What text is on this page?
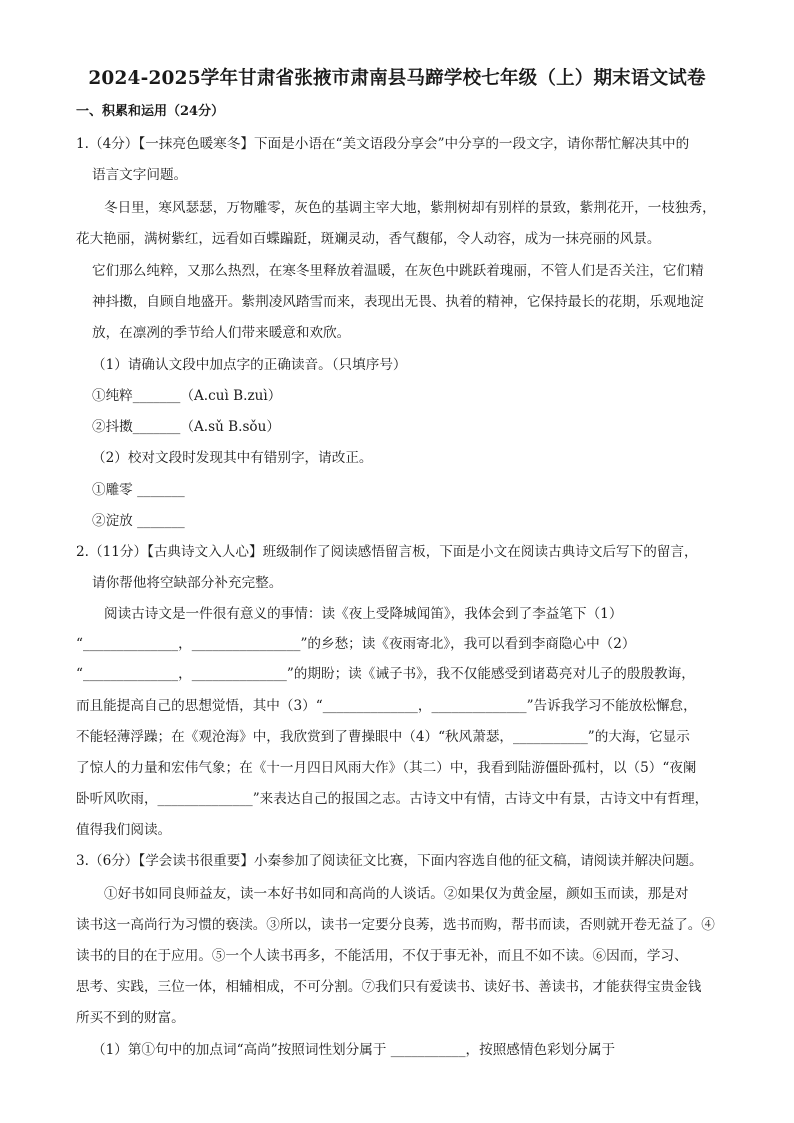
2024-2025学年甘肃省张掖市肃南县马蹄学校七年级（上）期末语文试卷
一、积累和运用（24分）
1.（4分）【一抹亮色暖寒冬】下面是小语在“美文语段分享会”中分享的一段文字，请你帮忙解决其中的
语言文字问题。
冬日里，寒风瑟瑟，万物雕零，灰色的基调主宰大地，紫荆树却有别样的景致，紫荆花开，一枝独秀，
花大艳丽，满树紫红，远看如百蝶蹁跹，斑斓灵动，香气馥郁，令人动容，成为一抹亮丽的风景。
它们那么纯粹，又那么热烈，在寒冬里释放着温暖，在灰色中跳跃着瑰丽，不管人们是否关注，它们精
神抖擞，自顾自地盛开。紫荆凌风踏雪而来，表现出无畏、执着的精神，它保持最长的花期，乐观地淀
放，在凛冽的季节给人们带来暖意和欢欣。
（1）请确认文段中加点字的正确读音。（只填序号）
①纯粹_______（A.cuì B.zuì）
②抖擞_______（A.sǔ B.sǒu）
（2）校对文段时发现其中有错别字，请改正。
①雕零 _______
②淀放 _______
2.（11分）【古典诗文入人心】班级制作了阅读感悟留言板，下面是小文在阅读古典诗文后写下的留言，
请你帮他将空缺部分补充完整。
阅读古诗文是一件很有意义的事情：读《夜上受降城闻笛》，我体会到了李益笔下（1）
“______________，________________”的乡愁；读《夜雨寄北》，我可以看到李商隐心中（2）
“______________，______________”的期盼；读《诫子书》，我不仅能感受到诸葛亮对儿子的殷殷教诲，
而且能提高自己的思想觉悟，其中（3）“______________，______________”告诉我学习不能放松懈怠，
不能轻薄浮躁；在《观沧海》中，我欣赏到了曹操眼中（4）“秋风萧瑟，___________”的大海，它显示
了惊人的力量和宏伟气象；在《十一月四日风雨大作》（其二）中，我看到陆游僵卧孤村，以（5）“夜阑
卧听风吹雨，______________”来表达自己的报国之志。古诗文中有情，古诗文中有景，古诗文中有哲理，
值得我们阅读。
3.（6分）【学会读书很重要】小秦参加了阅读征文比赛，下面内容选自他的征文稿，请阅读并解决问题。
①好书如同良师益友，读一本好书如同和高尚的人谈话。②如果仅为黄金屋，颜如玉而读，那是对
读书这一高尚行为习惯的亵渎。③所以，读书一定要分良莠，选书而购，帮书而读，否则就开卷无益了。④
读书的目的在于应用。⑤一个人读书再多，不能活用，不仅于事无补，而且不如不读。⑥因而，学习、
思考、实践，三位一体，相辅相成，不可分割。⑦我们只有爱读书、读好书、善读书，才能获得宝贵金钱
所买不到的财富。
（1）第①句中的加点词“高尚”按照词性划分属于 ___________，按照感情色彩划分属于
